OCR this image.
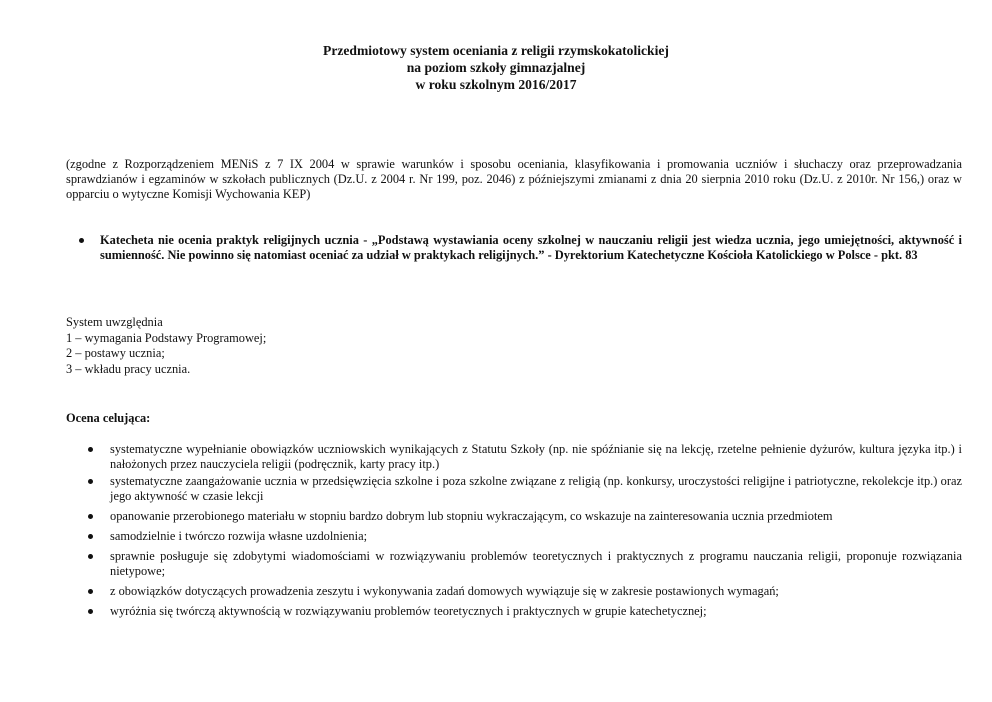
Przedmiotowy system oceniania z religii rzymskokatolickiej
na poziom szkoły gimnazjalnej
w roku szkolnym 2016/2017
(zgodne z Rozporządzeniem MENiS z 7 IX 2004 w sprawie warunków i sposobu oceniania, klasyfikowania i promowania uczniów i słuchaczy oraz przeprowadzania sprawdzianów i egzaminów w szkołach publicznych (Dz.U. z 2004 r. Nr 199, poz. 2046) z późniejszymi zmianami z dnia 20 sierpnia 2010 roku (Dz.U. z 2010r. Nr 156,) oraz w opparciu o wytyczne Komisji Wychowania KEP)
Katecheta nie ocenia praktyk religijnych ucznia - „Podstawą wystawiania oceny szkolnej w nauczaniu religii jest wiedza ucznia, jego umiejętności, aktywność i sumienność. Nie powinno się natomiast oceniać za udział w praktykach religijnych.” - Dyrektorium Katechetyczne Kościoła Katolickiego w Polsce - pkt. 83
System uwzględnia
1 – wymagania Podstawy Programowej;
2 – postawy ucznia;
3 – wkładu pracy ucznia.
Ocena celująca:
systematyczne wypełnianie obowiązków uczniowskich wynikających z Statutu Szkoły (np. nie spóźnianie się na lekcję, rzetelne pełnienie dyżurów, kultura języka itp.) i nałożonych przez nauczyciela religii (podręcznik, karty pracy itp.)
systematyczne zaangażowanie ucznia w przedsięwzięcia szkolne i poza szkolne związane z religią (np. konkursy, uroczystości religijne i patriotyczne, rekolekcje itp.) oraz jego aktywność w czasie lekcji
opanowanie przerobionego materiału w stopniu bardzo dobrym lub stopniu wykraczającym, co wskazuje na zainteresowania ucznia przedmiotem
samodzielnie i twórczo rozwija własne uzdolnienia;
sprawnie posługuje się zdobytymi wiadomościami w rozwiązywaniu problemów teoretycznych i praktycznych z programu nauczania religii, proponuje rozwiązania nietypowe;
z obowiązków dotyczących prowadzenia zeszytu i wykonywania zadań domowych wywiązuje się w zakresie postawionych wymagań;
wyróżnia się twórczą aktywnością w rozwiązywaniu problemów teoretycznych i praktycznych w grupie katechetycznej;
